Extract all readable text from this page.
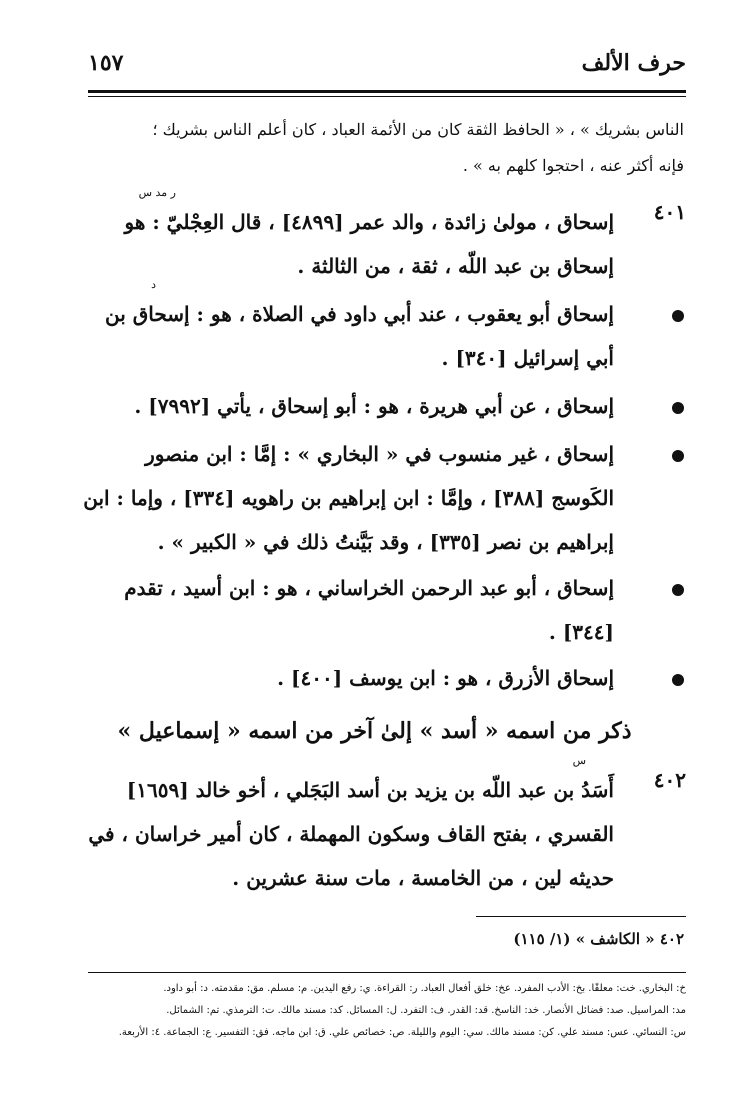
حرف الألف
١٥٧
الناس بشريك » ، « الحافظ الثقة كان من الأئمة العباد ، كان أعلم الناس بشريك ؛
فإنه أكثر عنه ، احتجوا كلهم به » .
٤٠١
ر مد س
إسحاق ، مولىٰ زائدة ، والد عمر [٤٨٩٩] ، قال العِجْليّ : هو
إسحاق بن عبد اللّه ، ثقة ، من الثالثة .
د
إسحاق أبو يعقوب ، عند أبي داود في الصلاة ، هو : إسحاق بن
أبي إسرائيل [٣٤٠] .
إسحاق ، عن أبي هريرة ، هو : أبو إسحاق ، يأتي [٧٩٩٢] .
إسحاق ، غير منسوب في « البخاري » : إمَّا : ابن منصور
الكَوسج [٣٨٨] ، وإمَّا : ابن إبراهيم بن راهويه [٣٣٤] ، وإما : ابن
إبراهيم بن نصر [٣٣٥] ، وقد بَيَّنتُ ذلك في « الكبير » .
إسحاق ، أبو عبد الرحمن الخراساني ، هو : ابن أسيد ، تقدم
[٣٤٤] .
إسحاق الأزرق ، هو : ابن يوسف [٤٠٠] .
ذكر من اسمه « أسد » إلىٰ آخر من اسمه « إسماعيل »
٤٠٢
س
أَسَدُ بن عبد اللّه بن يزيد بن أسد البَجَلي ، أخو خالد [١٦٥٩]
القسري ، بفتح القاف وسكون المهملة ، كان أمير خراسان ، في
حديثه لين ، من الخامسة ، مات سنة عشرين .
٤٠٢ « الكاشف » (١/ ١١٥)
خ: البخاري. خت: معلقًا. بخ: الأدب المفرد. عخ: خلق أفعال العباد. ر: القراءة. ي: رفع اليدين. م: مسلم. مق: مقدمته. د: أبو داود.
مد: المراسيل. صد: فضائل الأنصار. خد: الناسخ. قد: القدر. ف: التفرد. ل: المسائل. كد: مسند مالك. ت: الترمذي. تم: الشمائل.
س: النسائي. عس: مسند علي. كن: مسند مالك. سي: اليوم والليلة. ص: خصائص علي. ق: ابن ماجه. فق: التفسير. ع: الجماعة. ٤: الأربعة.
